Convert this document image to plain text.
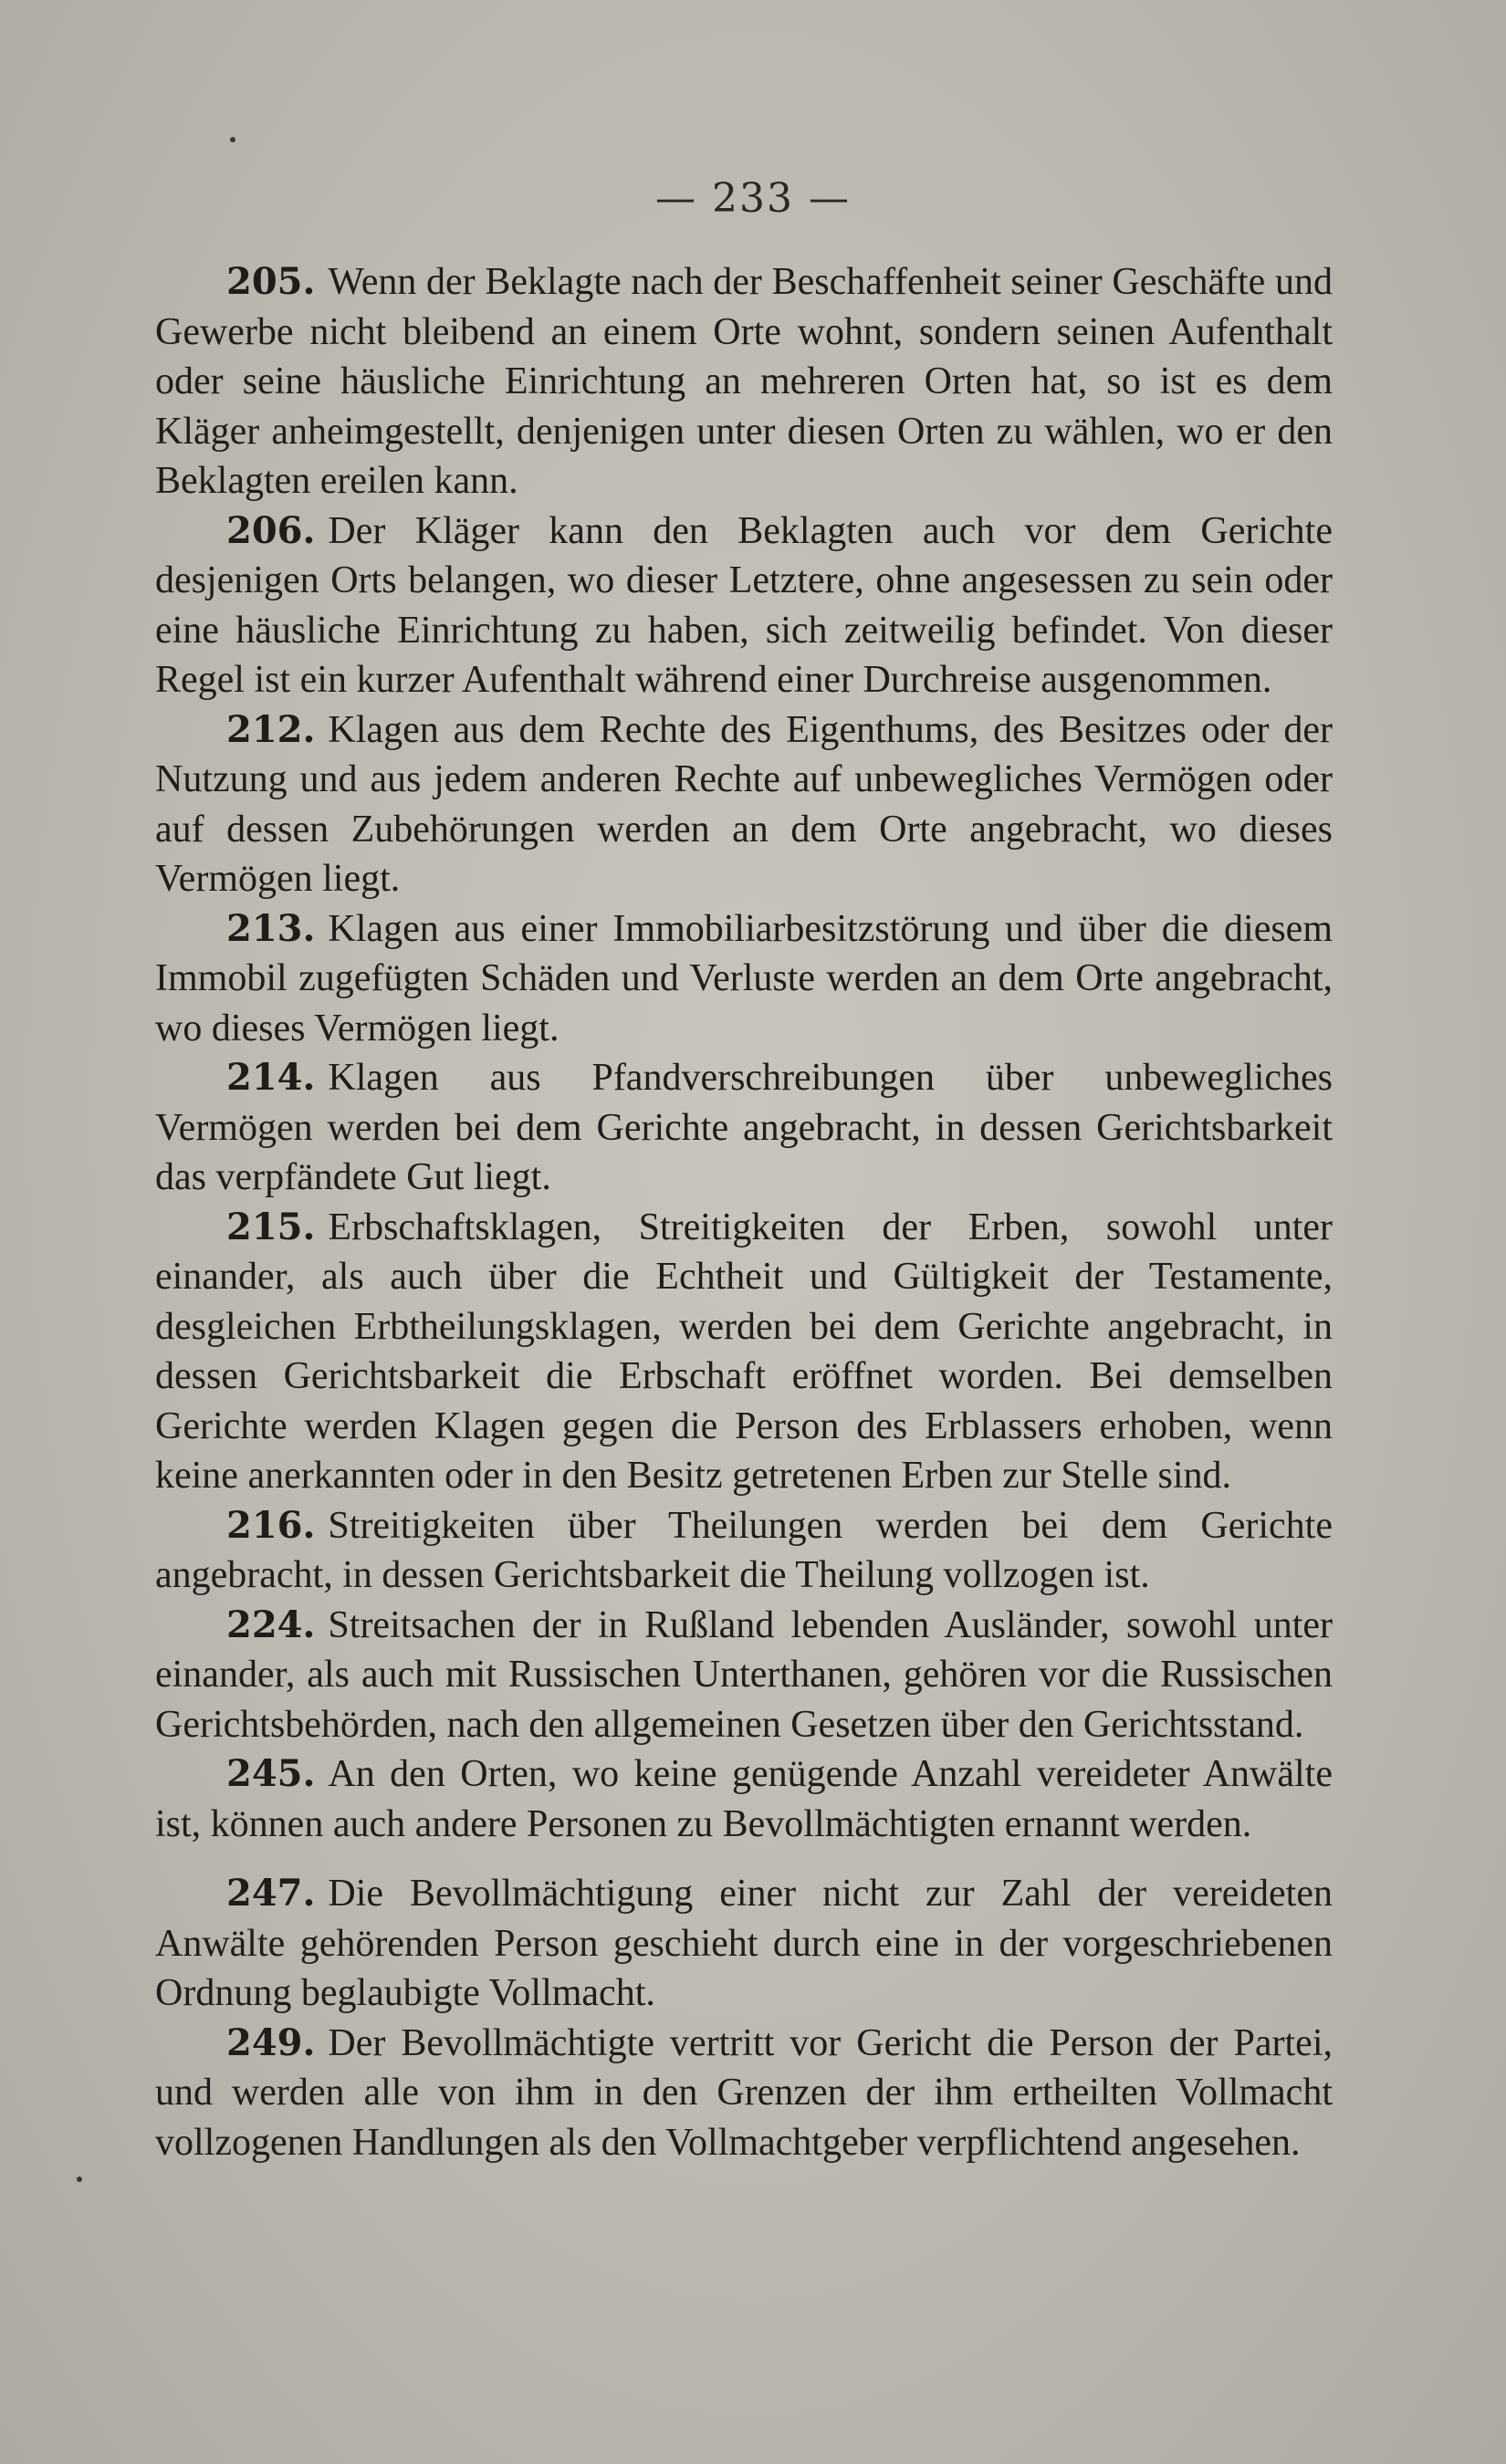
— 233 —

205. Wenn der Beklagte nach der Beschaffenheit seiner Geschäfte und Gewerbe nicht bleibend an einem Orte wohnt, sondern seinen Aufenthalt oder seine häusliche Einrichtung an mehreren Orten hat, so ist es dem Kläger anheimgestellt, denjenigen unter diesen Orten zu wählen, wo er den Beklagten ereilen kann.

206. Der Kläger kann den Beklagten auch vor dem Gerichte desjenigen Orts belangen, wo dieser Letztere, ohne angesessen zu sein oder eine häusliche Einrichtung zu haben, sich zeitweilig befindet. Von dieser Regel ist ein kurzer Aufenthalt während einer Durchreise ausgenommen.

212. Klagen aus dem Rechte des Eigenthums, des Besitzes oder der Nutzung und aus jedem anderen Rechte auf unbewegliches Vermögen oder auf dessen Zubehörungen werden an dem Orte angebracht, wo dieses Vermögen liegt.

213. Klagen aus einer Immobiliarbesitzstörung und über die diesem Immobil zugefügten Schäden und Verluste werden an dem Orte angebracht, wo dieses Vermögen liegt.

214. Klagen aus Pfandverschreibungen über unbewegliches Vermögen werden bei dem Gerichte angebracht, in dessen Gerichtsbarkeit das verpfändete Gut liegt.

215. Erbschaftsklagen, Streitigkeiten der Erben, sowohl unter einander, als auch über die Echtheit und Gültigkeit der Testamente, desgleichen Erbtheilungsklagen, werden bei dem Gerichte angebracht, in dessen Gerichtsbarkeit die Erbschaft eröffnet worden. Bei demselben Gerichte werden Klagen gegen die Person des Erblassers erhoben, wenn keine anerkannten oder in den Besitz getretenen Erben zur Stelle sind.

216. Streitigkeiten über Theilungen werden bei dem Gerichte angebracht, in dessen Gerichtsbarkeit die Theilung vollzogen ist.

224. Streitsachen der in Rußland lebenden Ausländer, sowohl unter einander, als auch mit Russischen Unterthanen, gehören vor die Russischen Gerichtsbehörden, nach den allgemeinen Gesetzen über den Gerichtsstand.

245. An den Orten, wo keine genügende Anzahl vereideter Anwälte ist, können auch andere Personen zu Bevollmächtigten ernannt werden.

247. Die Bevollmächtigung einer nicht zur Zahl der vereideten Anwälte gehörenden Person geschieht durch eine in der vorgeschriebenen Ordnung beglaubigte Vollmacht.

249. Der Bevollmächtigte vertritt vor Gericht die Person der Partei, und werden alle von ihm in den Grenzen der ihm ertheilten Vollmacht vollzogenen Handlungen als den Vollmachtgeber verpflichtend angesehen.
